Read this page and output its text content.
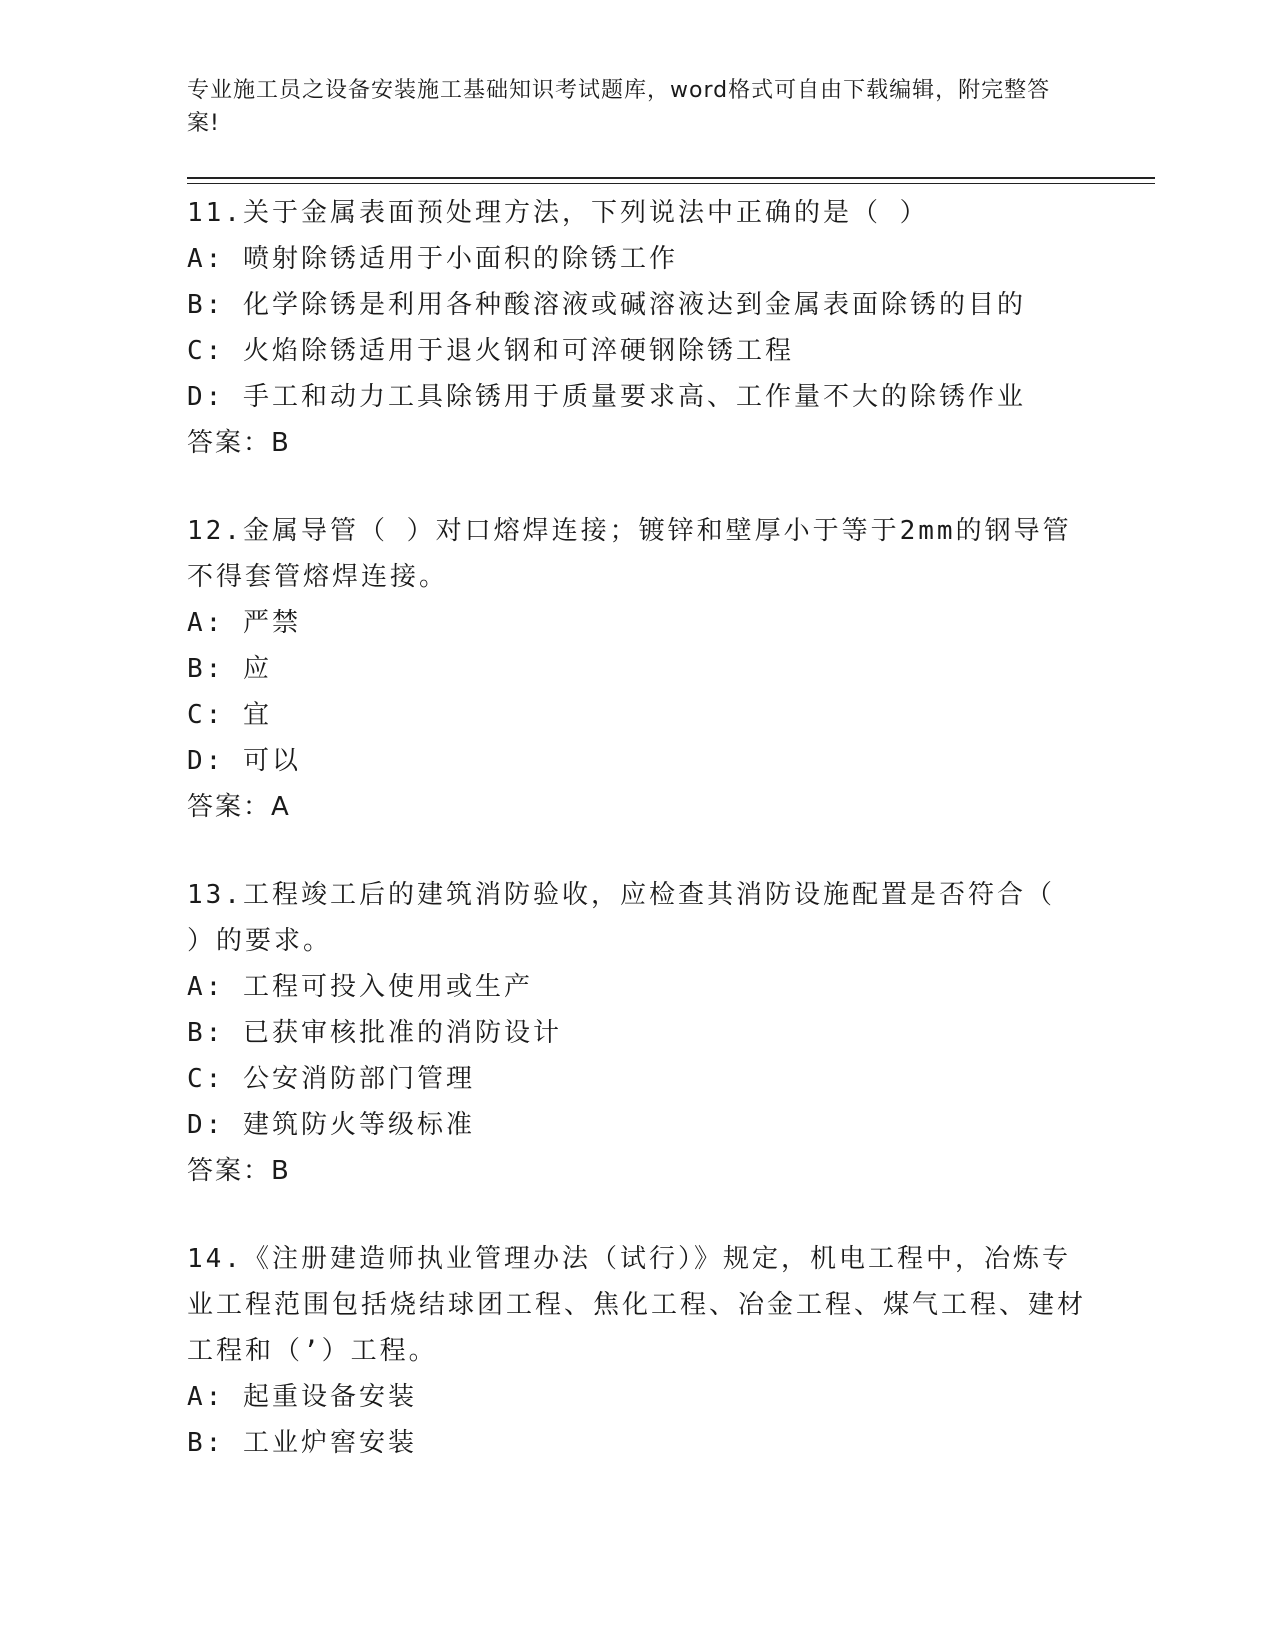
专业施工员之设备安装施工基础知识考试题库，word格式可自由下载编辑，附完整答案!
11.关于金属表面预处理方法，下列说法中正确的是（ ）
A: 喷射除锈适用于小面积的除锈工作
B: 化学除锈是利用各种酸溶液或碱溶液达到金属表面除锈的目的
C: 火焰除锈适用于退火钢和可淬硬钢除锈工程
D: 手工和动力工具除锈用于质量要求高、工作量不大的除锈作业
答案：B
12.金属导管（ ）对口熔焊连接；镀锌和壁厚小于等于2mm的钢导管不得套管熔焊连接。
A: 严禁
B: 应
C: 宜
D: 可以
答案：A
13.工程竣工后的建筑消防验收，应检查其消防设施配置是否符合（ ）的要求。
A: 工程可投入使用或生产
B: 已获审核批准的消防设计
C: 公安消防部门管理
D: 建筑防火等级标准
答案：B
14.《注册建造师执业管理办法（试行）》规定，机电工程中，冶炼专业工程范围包括烧结球团工程、焦化工程、冶金工程、煤气工程、建材工程和（’）工程。
A: 起重设备安装
B: 工业炉窖安装
